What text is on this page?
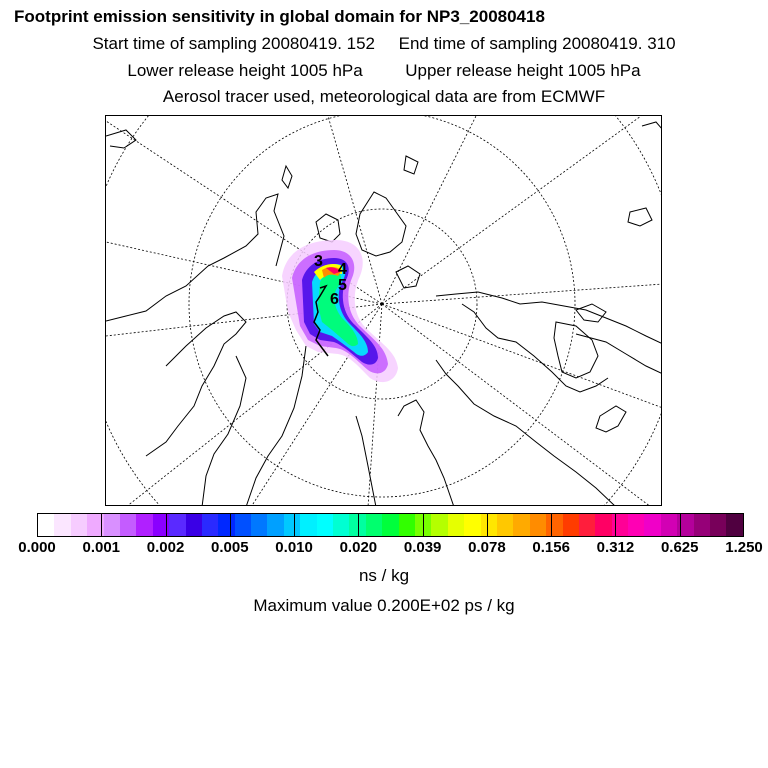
Footprint emission sensitivity in global domain for NP3_20080418
Start time of sampling 20080419. 152 End time of sampling 20080419. 310
Lower release height 1005 hPa	Upper release height 1005 hPa
Aerosol tracer used, meteorological data are from ECMWF
3 4
5
6
0.000 0.001 0.002 0.005 0.010 0.020 0.039 0.078 0.156 0.312 0.625 1.250
ns / kg
Maximum value 0.200E+02 ps / kg
